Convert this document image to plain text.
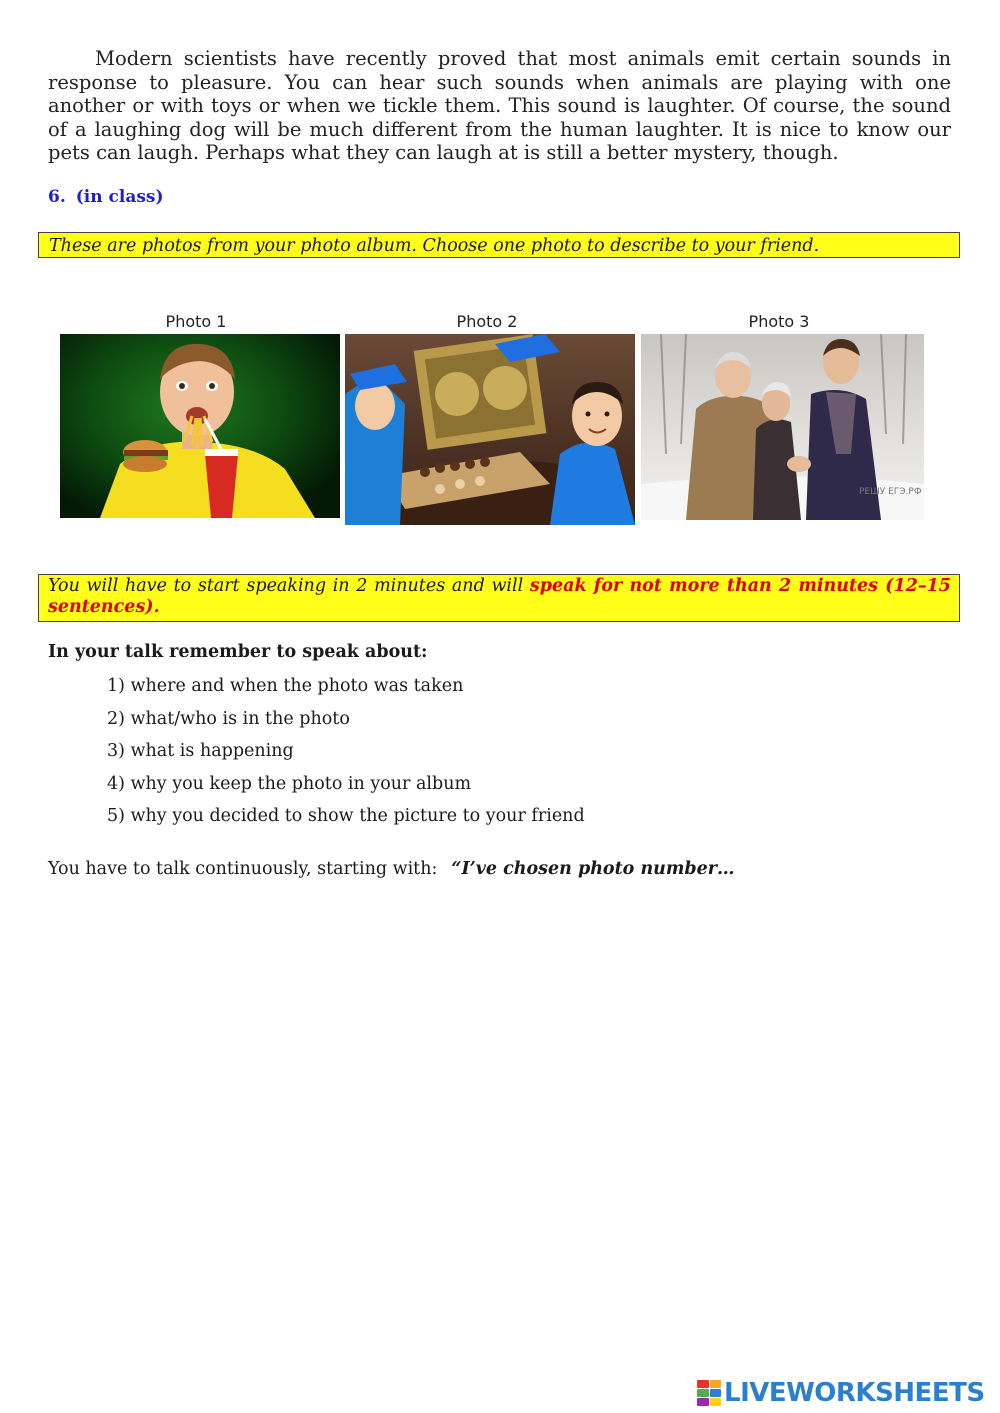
Modern scientists have recently proved that most animals emit certain sounds in response to pleasure. You can hear such sounds when animals are playing with one another or with toys or when we tickle them. This sound is laughter. Of course, the sound of a laughing dog will be much different from the human laughter. It is nice to know our pets can laugh. Perhaps what they can laugh at is still a better mystery, though.

6. (in class)

These are photos from your photo album. Choose one photo to describe to your friend.
Photo 1	Photo 2	Photo 3
РЕШУ ЕГЭ.РФ
You will have to start speaking in 2 minutes and will speak for not more than 2 minutes (12–15 sentences).

In your talk remember to speak about:

1) where and when the photo was taken
2) what/who is in the photo
3) what is happening
4) why you keep the photo in your album
5) why you decided to show the picture to your friend

You have to talk continuously, starting with: “I’ve chosen photo number…

LIVEWORKSHEETS
